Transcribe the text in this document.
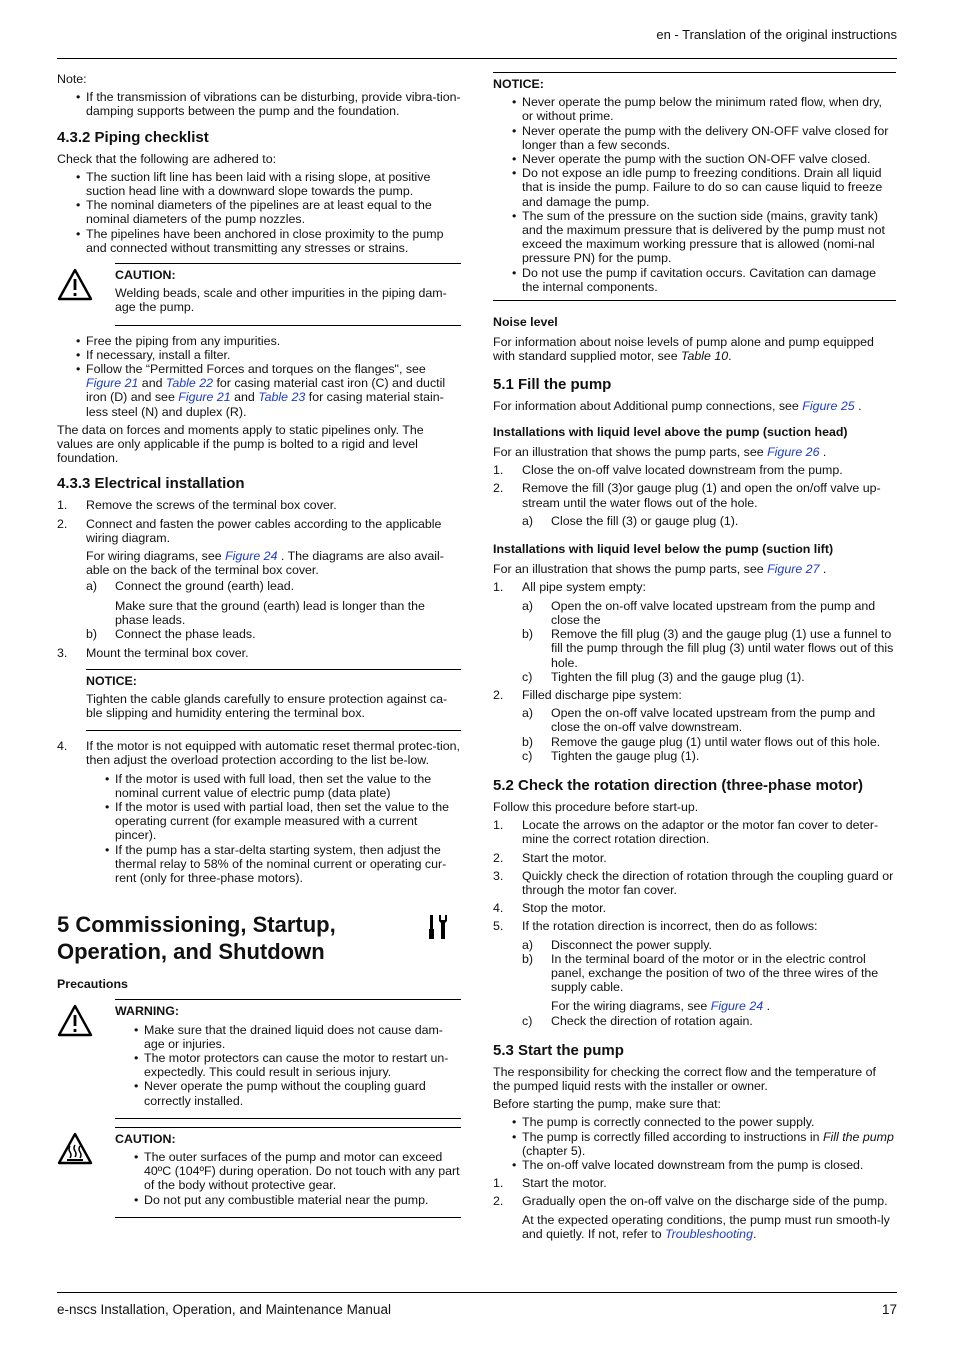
en - Translation of the original instructions

Note:

• If the transmission of vibrations can be disturbing, provide vibra-tion-damping supports between the pump and the foundation.
4.3.2 Piping checklist

Check that the following are adhered to:

• The suction lift line has been laid with a rising slope, at positive suction head line with a downward slope towards the pump.
• The nominal diameters of the pipelines are at least equal to the nominal diameters of the pump nozzles.
• The pipelines have been anchored in close proximity to the pump and connected without transmitting any stresses or strains.
CAUTION:

Welding beads, scale and other impurities in the piping dam-age the pump.

• Free the piping from any impurities.
• If necessary, install a filter.
• Follow the “Permitted Forces and torques on the flanges", see Figure 21 and Table 22 for casing material cast iron (C) and ductil iron (D) and see Figure 21 and Table 23 for casing material stain-less steel (N) and duplex (R).

The data on forces and moments apply to static pipelines only. The values are only applicable if the pump is bolted to a rigid and level foundation.

4.3.3 Electrical installation
1. Remove the screws of the terminal box cover.
2. Connect and fasten the power cables according to the applicable wiring diagram.

For wiring diagrams, see Figure 24 . The diagrams are also avail-able on the back of the terminal box cover.

a) Connect the ground (earth) lead.

Make sure that the ground (earth) lead is longer than the phase leads.

b) Connect the phase leads.
3. Mount the terminal box cover.
NOTICE:

Tighten the cable glands carefully to ensure protection against ca-ble slipping and humidity entering the terminal box.

4. If the motor is not equipped with automatic reset thermal protec-tion, then adjust the overload protection according to the list be-low.
• If the motor is used with full load, then set the value to the nominal current value of electric pump (data plate)
• If the motor is used with partial load, then set the value to the operating current (for example measured with a current pincer).
• If the pump has a star-delta starting system, then adjust the thermal relay to 58% of the nominal current or operating cur-rent (only for three-phase motors).
5 Commissioning, Startup, Operation, and Shutdown
Precautions
WARNING:
• Make sure that the drained liquid does not cause dam-age or injuries.
• The motor protectors can cause the motor to restart un-expectedly. This could result in serious injury.
• Never operate the pump without the coupling guard correctly installed.
CAUTION:
• The outer surfaces of the pump and motor can exceed 40ºC (104ºF) during operation. Do not touch with any part of the body without protective gear.
• Do not put any combustible material near the pump.
NOTICE:
• Never operate the pump below the minimum rated flow, when dry, or without prime.
• Never operate the pump with the delivery ON-OFF valve closed for longer than a few seconds.
• Never operate the pump with the suction ON-OFF valve closed.
• Do not expose an idle pump to freezing conditions. Drain all liquid that is inside the pump. Failure to do so can cause liquid to freeze and damage the pump.
• The sum of the pressure on the suction side (mains, gravity tank) and the maximum pressure that is delivered by the pump must not exceed the maximum working pressure that is allowed (nomi-nal pressure PN) for the pump.
• Do not use the pump if cavitation occurs. Cavitation can damage the internal components.
Noise level

For information about noise levels of pump alone and pump equipped with standard supplied motor, see Table 10.

5.1 Fill the pump

For information about Additional pump connections, see Figure 25 .

Installations with liquid level above the pump (suction head)

For an illustration that shows the pump parts, see Figure 26 .

1. Close the on-off valve located downstream from the pump.
2. Remove the fill (3)or gauge plug (1) and open the on/off valve up-stream until the water flows out of the hole.
a) Close the fill (3) or gauge plug (1).
Installations with liquid level below the pump (suction lift)

For an illustration that shows the pump parts, see Figure 27 .

1. All pipe system empty:
a) Open the on-off valve located upstream from the pump and close the
b) Remove the fill plug (3) and the gauge plug (1) use a funnel to fill the pump through the fill plug (3) until water flows out of this hole.
c) Tighten the fill plug (3) and the gauge plug (1).
2. Filled discharge pipe system:
a) Open the on-off valve located upstream from the pump and close the on-off valve downstream.
b) Remove the gauge plug (1) until water flows out of this hole.
c) Tighten the gauge plug (1).
5.2 Check the rotation direction (three-phase motor)

Follow this procedure before start-up.

1. Locate the arrows on the adaptor or the motor fan cover to deter-mine the correct rotation direction.
2. Start the motor.
3. Quickly check the direction of rotation through the coupling guard or through the motor fan cover.
4. Stop the motor.
5. If the rotation direction is incorrect, then do as follows:
a) Disconnect the power supply.
b) In the terminal board of the motor or in the electric control panel, exchange the position of two of the three wires of the supply cable.

For the wiring diagrams, see Figure 24 .

c) Check the direction of rotation again.
5.3 Start the pump

The responsibility for checking the correct flow and the temperature of the pumped liquid rests with the installer or owner.

Before starting the pump, make sure that:

• The pump is correctly connected to the power supply.
• The pump is correctly filled according to instructions in Fill the pump (chapter 5).
• The on-off valve located downstream from the pump is closed.
1. Start the motor.
2. Gradually open the on-off valve on the discharge side of the pump.

At the expected operating conditions, the pump must run smooth-ly and quietly. If not, refer to Troubleshooting.

e-nscs Installation, Operation, and Maintenance Manual	17
